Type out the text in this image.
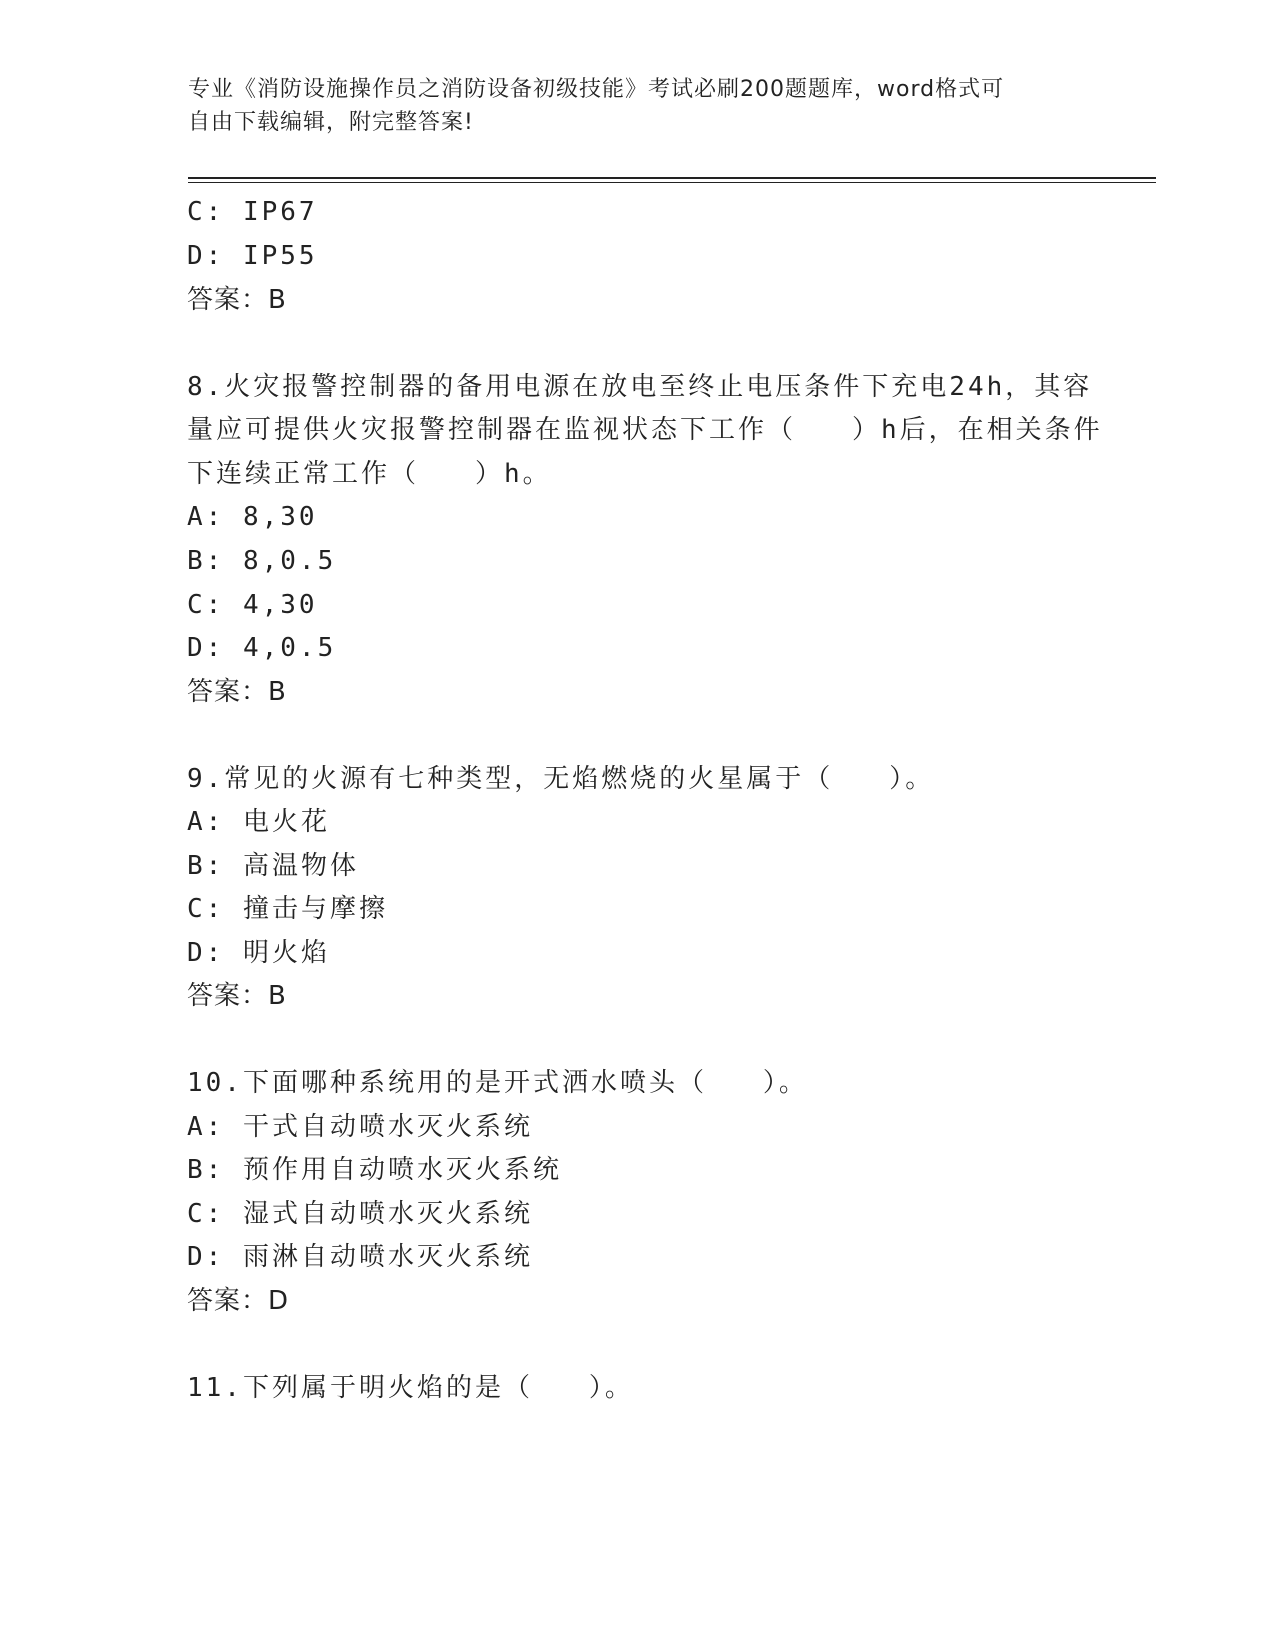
专业《消防设施操作员之消防设备初级技能》考试必刷200题题库，word格式可
自由下载编辑，附完整答案!
C: IP67
D: IP55
答案：B
8.火灾报警控制器的备用电源在放电至终止电压条件下充电24h，其容
量应可提供火灾报警控制器在监视状态下工作（   ）h后，在相关条件
下连续正常工作（   ）h。
A: 8,30
B: 8,0.5
C: 4,30
D: 4,0.5
答案：B
9.常见的火源有七种类型，无焰燃烧的火星属于（   ）。
A: 电火花
B: 高温物体
C: 撞击与摩擦
D: 明火焰
答案：B
10.下面哪种系统用的是开式洒水喷头（   ）。
A: 干式自动喷水灭火系统
B: 预作用自动喷水灭火系统
C: 湿式自动喷水灭火系统
D: 雨淋自动喷水灭火系统
答案：D
11.下列属于明火焰的是（   ）。
